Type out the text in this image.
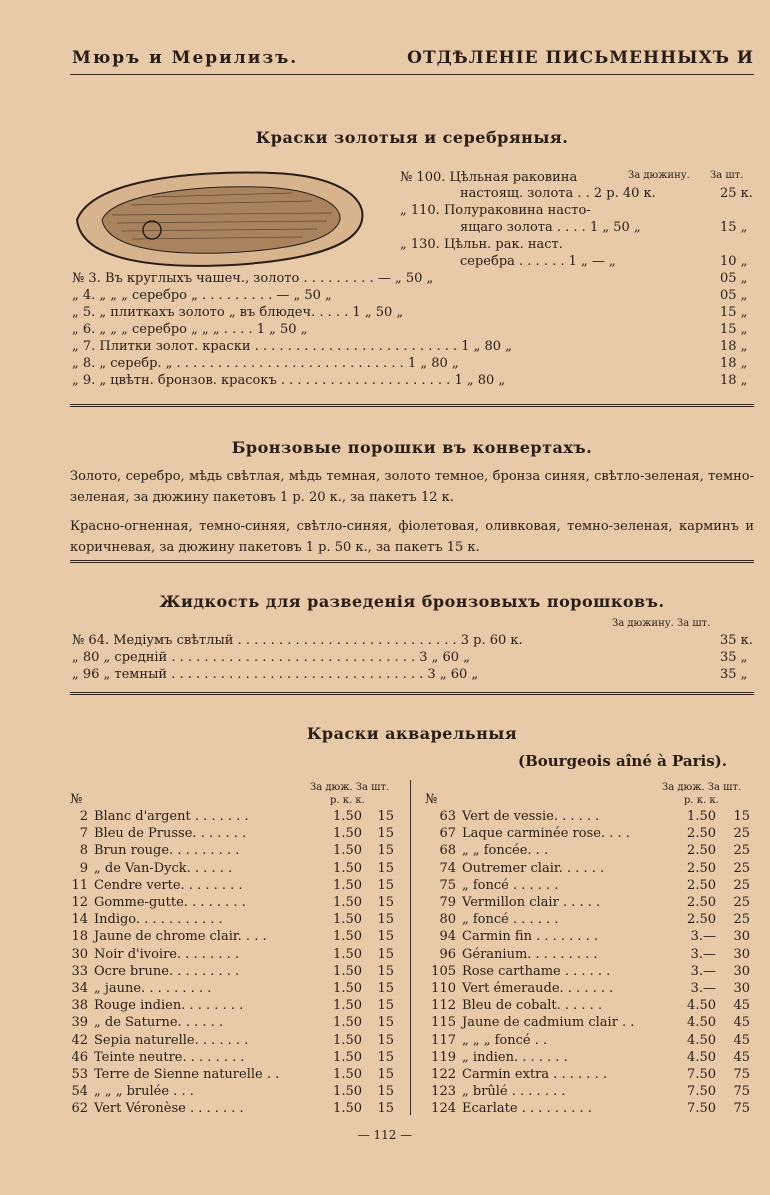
Мюръ и Мерилизъ.	ОТДѢЛЕНІЕ ПИСЬМЕННЫХЪ И
Краски золотыя и серебряныя.
За дюжину. За шт.
№ 100. Цѣльная раковина
настоящ. золота . . 2 р. 40 к.	25 к.
„ 110. Полураковина насто-
ящаго золота . . . . 1 „ 50 „	15 „
„ 130. Цѣльн. рак. наст.
серебра . . . . . . 1 „ — „	10 „
№ 3. Въ круглыхъ чашеч., золото . . . . . . . . . — „ 50 „	05 „
„ 4. „ „ „ серебро „ . . . . . . . . . — „ 50 „	05 „
„ 5. „ плиткахъ золото „ въ блюдеч. . . . . 1 „ 50 „	15 „
„ 6. „ „ „ серебро „ „ „ . . . . 1 „ 50 „	15 „
„ 7. Плитки золот. краски . . . . . . . . . . . . . . . . . . . . . . . . . 1 „ 80 „	18 „
„ 8. „ серебр. „ . . . . . . . . . . . . . . . . . . . . . . . . . . . . 1 „ 80 „	18 „
„ 9. „ цвѣтн. бронзов. красокъ . . . . . . . . . . . . . . . . . . . . . 1 „ 80 „	18 „
Бронзовые порошки въ конвертахъ.
Золото, серебро, мѣдь свѣтлая, мѣдь темная, золото темное, бронза синяя, свѣтло-зеленая, темно-зеленая, за дюжину пакетовъ 1 р. 20 к., за пакетъ 12 к.
Красно-огненная, темно-синяя, свѣтло-синяя, фіолетовая, оливковая, темно-зеленая, карминъ и коричневая, за дюжину пакетовъ 1 р. 50 к., за пакетъ 15 к.
Жидкость для разведенія бронзовыхъ порошковъ.
За дюжину. За шт.
№ 64. Медіумъ свѣтлый . . . . . . . . . . . . . . . . . . . . . . . . . . . 3 р. 60 к.	35 к.
„ 80 „ средній . . . . . . . . . . . . . . . . . . . . . . . . . . . . . . 3 „ 60 „	35 „
„ 96 „ темный . . . . . . . . . . . . . . . . . . . . . . . . . . . . . . . 3 „ 60 „	35 „
Краски акварельныя
(Bourgeois aîné à Paris).
За дюж. За шт.
р. к. к.
№
За дюж. За шт.
р. к. к.
№
2 Blanc d'argent . . . . . . .	1.50	15
7 Bleu de Prusse. . . . . . .	1.50	15
8 Brun rouge. . . . . . . . .	1.50	15
9 „ de Van-Dyck. . . . . .	1.50	15
11 Cendre verte. . . . . . . .	1.50	15
12 Gomme-gutte. . . . . . . .	1.50	15
14 Indigo. . . . . . . . . . .	1.50	15
18 Jaune de chrome clair. . . .	1.50	15
30 Noir d'ivoire. . . . . . . .	1.50	15
33 Ocre brune. . . . . . . . .	1.50	15
34 „ jaune. . . . . . . . .	1.50	15
38 Rouge indien. . . . . . . .	1.50	15
39 „ de Saturne. . . . . .	1.50	15
42 Sepia naturelle. . . . . . .	1.50	15
46 Teinte neutre. . . . . . . .	1.50	15
53 Terre de Sienne naturelle . .	1.50	15
54 „ „ „ brulée . . .	1.50	15
62 Vert Véronèse . . . . . . .	1.50	15
63 Vert de vessie. . . . . .	1.50	15
67 Laque carminée rose. . . .	2.50	25
68 „ „ foncée. . .	2.50	25
74 Outremer clair. . . . . .	2.50	25
75 „ foncé . . . . . .	2.50	25
79 Vermillon clair . . . . .	2.50	25
80 „ foncé . . . . . .	2.50	25
94 Carmin fin . . . . . . . .	3.—	30
96 Géranium. . . . . . . . .	3.—	30
105 Rose carthame . . . . . .	3.—	30
110 Vert émeraude. . . . . . .	3.—	30
112 Bleu de cobalt. . . . . .	4.50	45
115 Jaune de cadmium clair . .	4.50	45
117 „ „ „ foncé . .	4.50	45
119 „ indien. . . . . . .	4.50	45
122 Carmin extra . . . . . . .	7.50	75
123 „ brûlé . . . . . . .	7.50	75
124 Ecarlate . . . . . . . . .	7.50	75
— 112 —
